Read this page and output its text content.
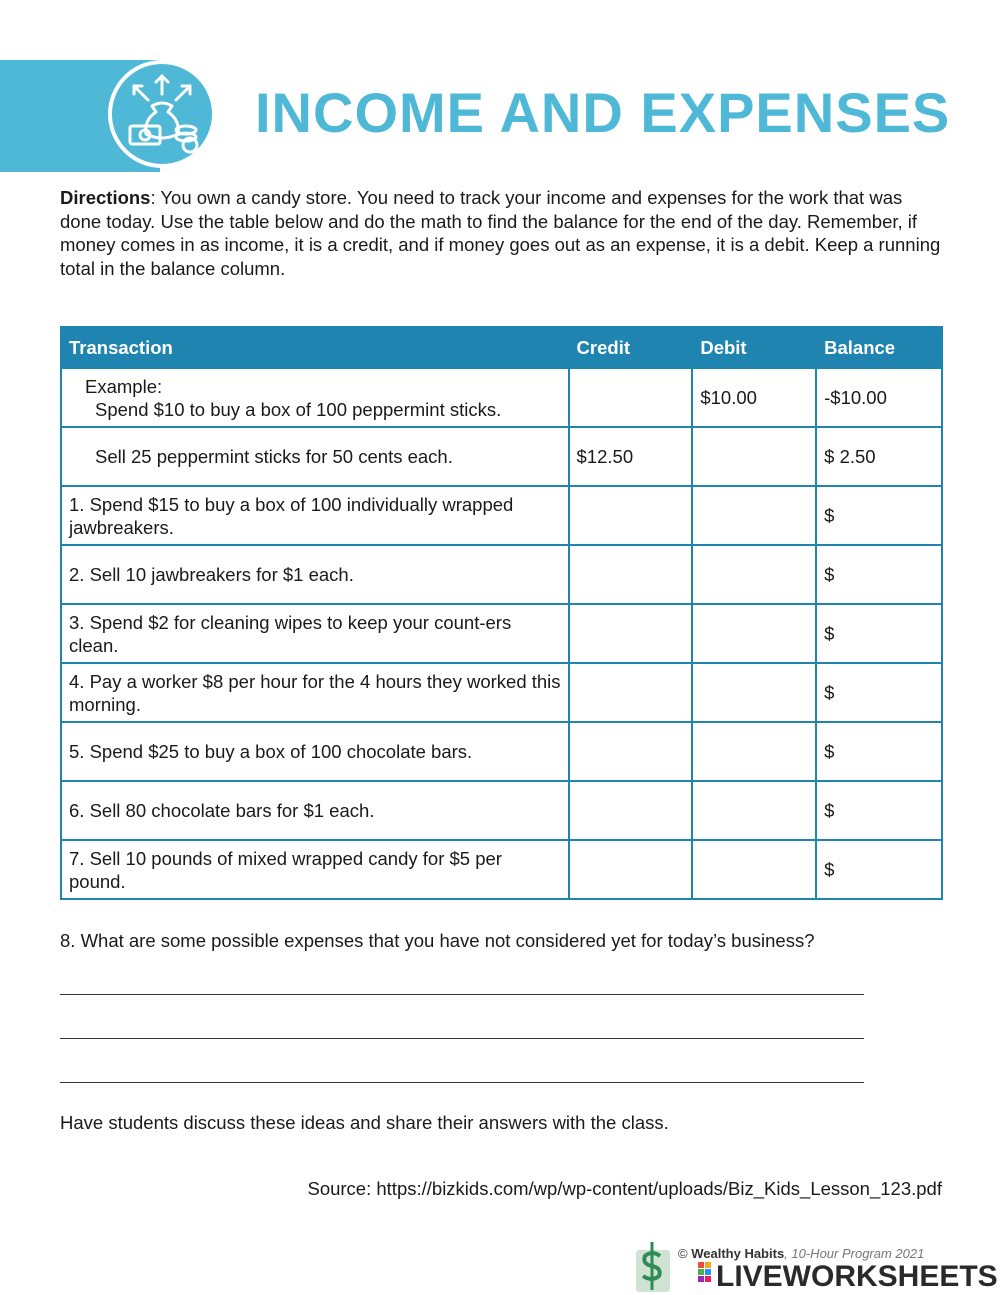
INCOME AND EXPENSES

Directions: You own a candy store. You need to track your income and expenses for the work that was done today. Use the table below and do the math to find the balance for the end of the day. Remember, if money comes in as income, it is a credit, and if money goes out as an expense, it is a debit. Keep a running total in the balance column.

Transaction	Credit	Debit	Balance

Example:
Spend $10 to buy a box of 100 peppermint sticks.		$10.00	-$10.00

Sell 25 peppermint sticks for 50 cents each.	$12.50		$ 2.50
1. Spend $15 to buy a box of 100 individually wrapped jawbreakers.			$
2. Sell 10 jawbreakers for $1 each.			$
3. Spend $2 for cleaning wipes to keep your count-ers clean.			$
4. Pay a worker $8 per hour for the 4 hours they worked this morning.			$
5. Spend $25 to buy a box of 100 chocolate bars.			$
6. Sell 80 chocolate bars for $1 each.			$
7. Sell 10 pounds of mixed wrapped candy for $5 per pound.			$

8. What are some possible expenses that you have not considered yet for today’s business?

Have students discuss these ideas and share their answers with the class.

Source: https://bizkids.com/wp/wp-content/uploads/Biz_Kids_Lesson_123.pdf

© Wealthy Habits, 10-Hour Program 2021
LIVEWORKSHEETS
